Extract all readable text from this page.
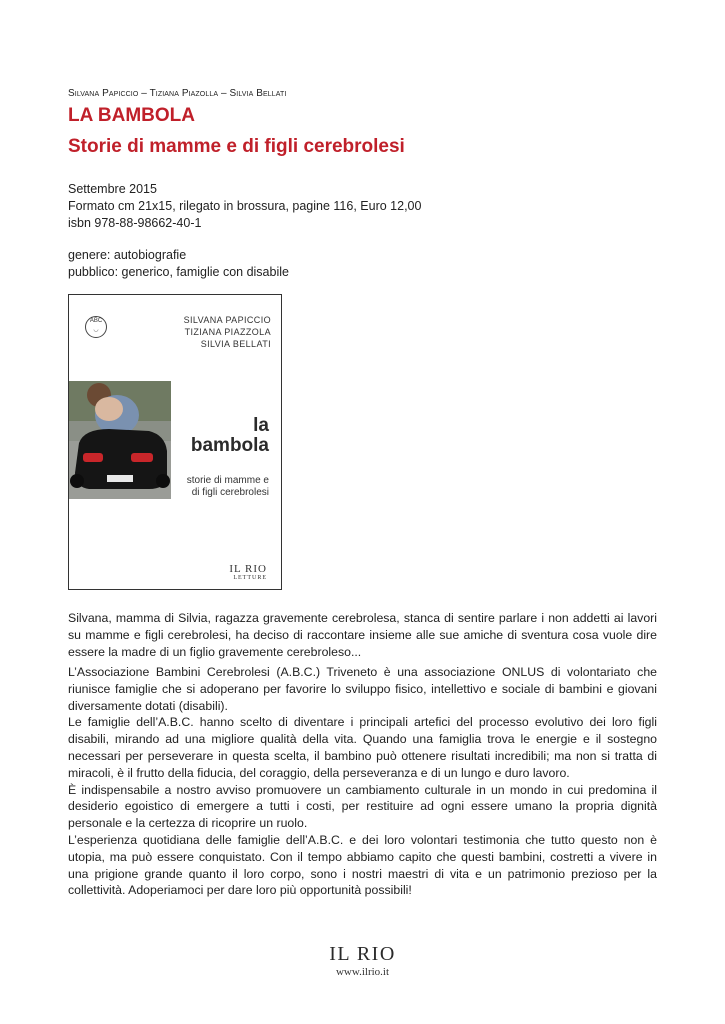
Silvana Papiccio – Tiziana Piazolla – Silvia Bellati
LA BAMBOLA
Storie di mamme e di figli cerebrolesi
Settembre 2015
Formato cm 21x15, rilegato in brossura, pagine 116, Euro 12,00
isbn 978-88-98662-40-1
genere: autobiografie
pubblico: generico, famiglie con disabile
ABC
◡
SILVANA PAPICCIO
TIZIANA PIAZZOLA
SILVIA BELLATI
la
bambola
storie di mamme e
di figli cerebrolesi
IL RIO
LETTURE
Silvana, mamma di Silvia, ragazza gravemente cerebrolesa, stanca di sentire parlare i non addetti ai lavori su mamme e figli cerebrolesi, ha deciso di raccontare insieme alle sue amiche di sventura cosa vuole dire essere la madre di un figlio gravemente cerebroleso...
L’Associazione Bambini Cerebrolesi (A.B.C.) Triveneto è una associazione ONLUS di volontariato che riunisce famiglie che si adoperano per favorire lo sviluppo fisico, intellettivo e sociale di bambini e giovani diversamente dotati (disabili).
Le famiglie dell’A.B.C. hanno scelto di diventare i principali artefici del processo evolutivo dei loro figli disabili, mirando ad una migliore qualità della vita. Quando una famiglia trova le energie e il sostegno necessari per perseverare in questa scelta, il bambino può ottenere risultati incredibili; ma non si tratta di miracoli, è il frutto della fiducia, del coraggio, della perseveranza e di un lungo e duro lavoro.
È indispensabile a nostro avviso promuovere un cambiamento culturale in un mondo in cui predomina il desiderio egoistico di emergere a tutti i costi, per restituire ad ogni essere umano la propria dignità personale e la certezza di ricoprire un ruolo.
L’esperienza quotidiana delle famiglie dell’A.B.C. e dei loro volontari testimonia che tutto questo non è utopia, ma può essere conquistato. Con il tempo abbiamo capito che questi bambini, costretti a vivere in una prigione grande quanto il loro corpo, sono i nostri maestri di vita e un patrimonio prezioso per la collettività. Adoperiamoci per dare loro più opportunità possibili!
IL RIO
www.ilrio.it
